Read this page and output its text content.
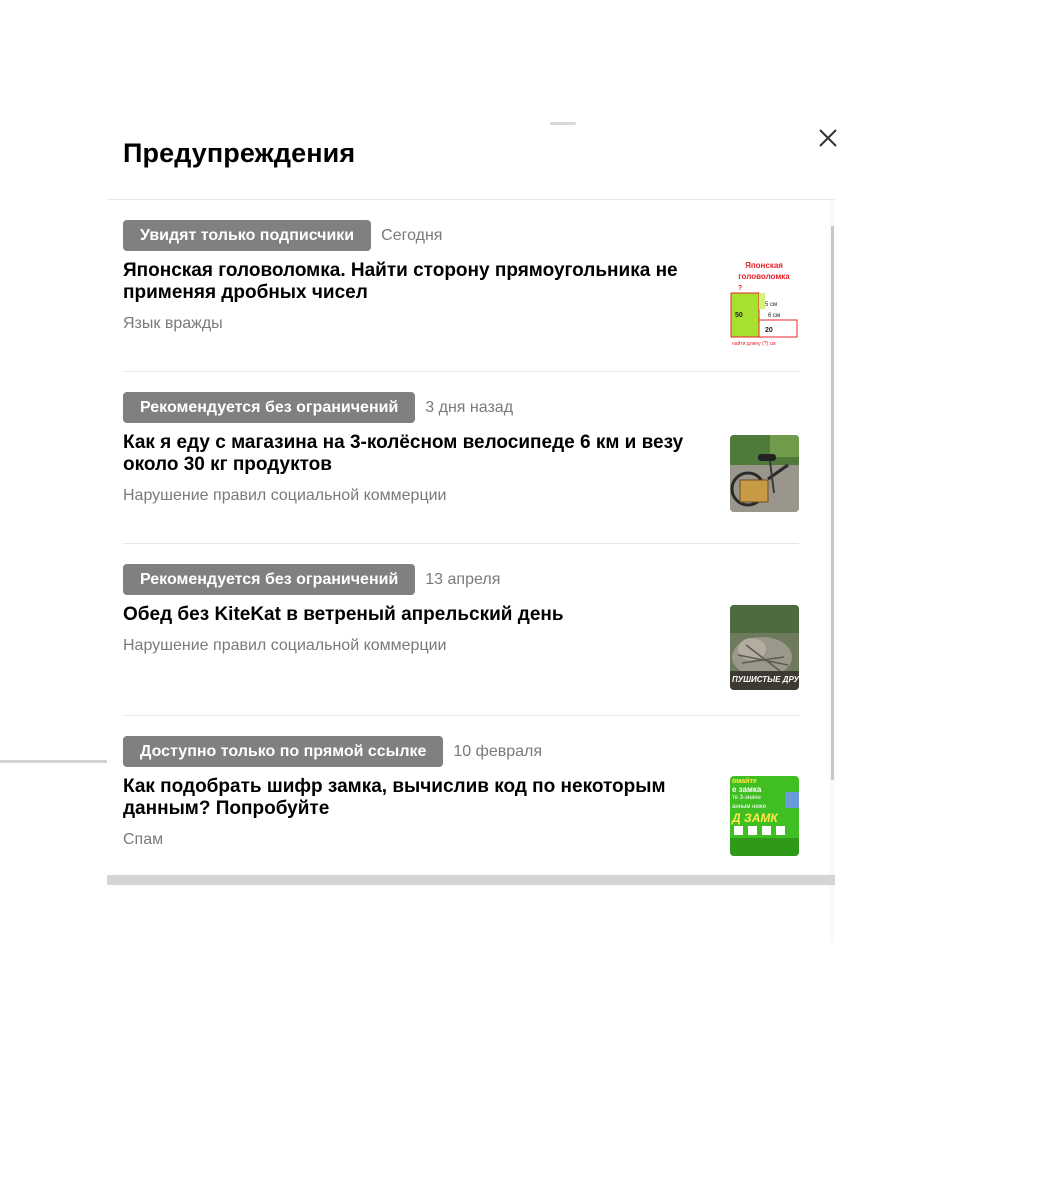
Предупреждения
Увидят только подписчики	Сегодня
Японская головоломка. Найти сторону прямоугольника не применяя дробных чисел
Язык вражды
Японская
головоломка
?
50
5 см
6 см
20
найти длину (?) см
Рекомендуется без ограничений	3 дня назад
Как я еду с магазина на 3-колёсном велосипеде 6 км и везу около 30 кг продуктов
Нарушение правил социальной коммерции
Рекомендуется без ограничений	13 апреля
Обед без KiteKat в ветреный апрельский день
Нарушение правил социальной коммерции
ПУШИСТЫЕ ДРУ
Доступно только по прямой ссылке	10 февраля
Как подобрать шифр замка, вычислив код по некоторым данным? Попробуйте
Спам
омайте
е замка
те 3-значн
анным ниже
Д ЗАМК
